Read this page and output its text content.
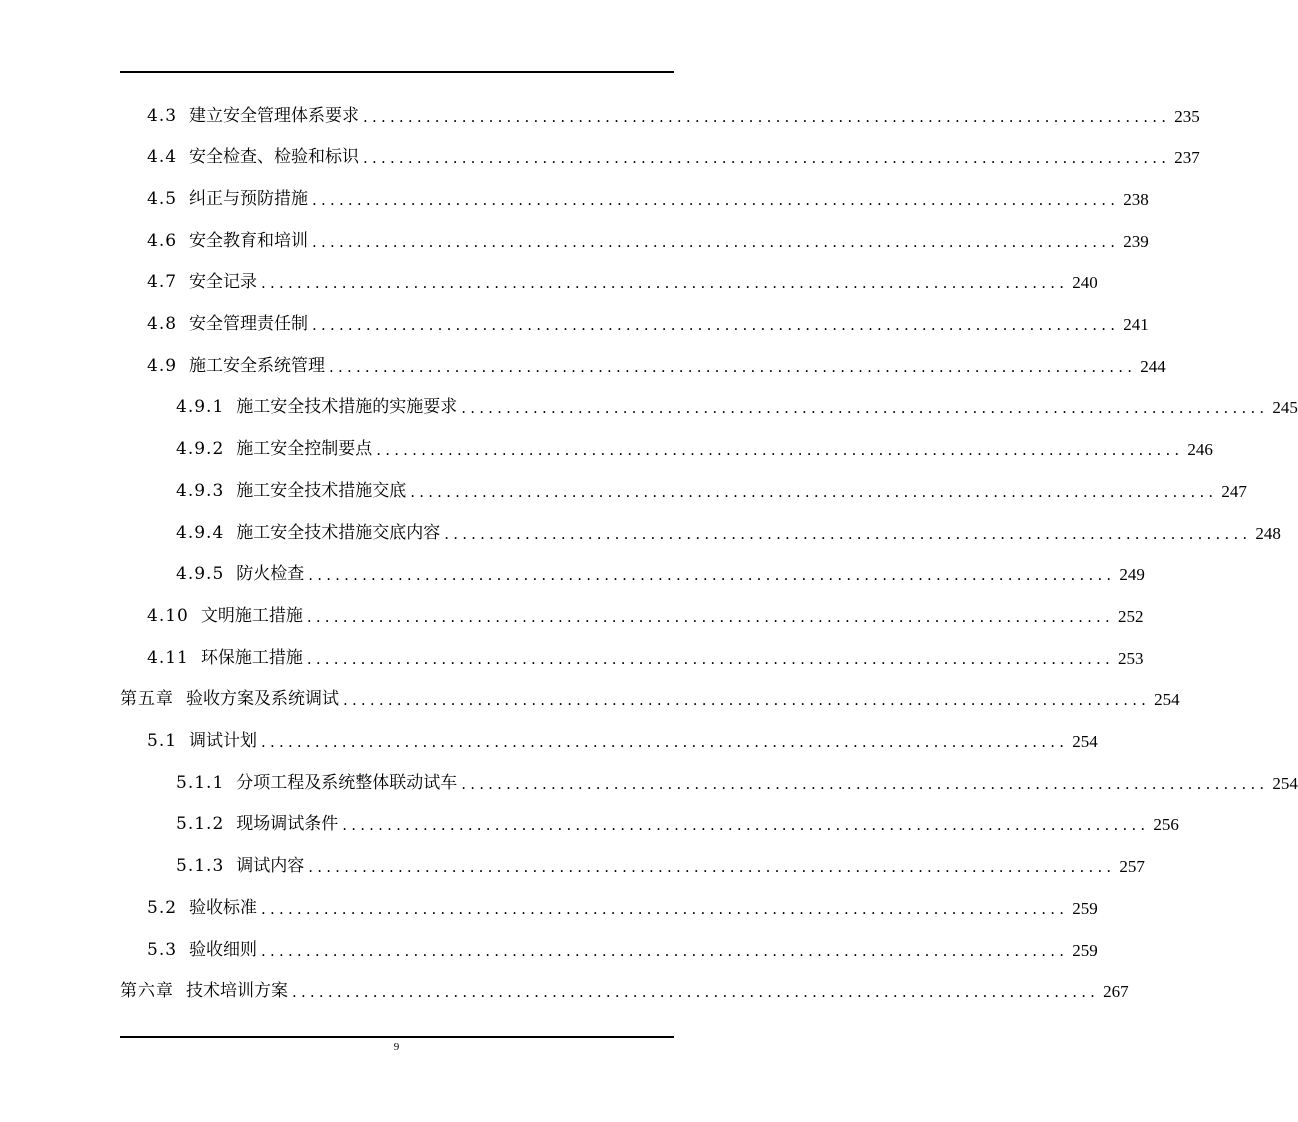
4.3 建立安全管理体系要求 .......................................................................................... 235
4.4 安全检查、检验和标识 .......................................................................................... 237
4.5 纠正与预防措施 .......................................................................................... 238
4.6 安全教育和培训 .......................................................................................... 239
4.7 安全记录 .......................................................................................... 240
4.8 安全管理责任制 .......................................................................................... 241
4.9 施工安全系统管理 .......................................................................................... 244
4.9.1 施工安全技术措施的实施要求 .......................................................................................... 245
4.9.2 施工安全控制要点 .......................................................................................... 246
4.9.3 施工安全技术措施交底 .......................................................................................... 247
4.9.4 施工安全技术措施交底内容 .......................................................................................... 248
4.9.5 防火检查 .......................................................................................... 249
4.10 文明施工措施 .......................................................................................... 252
4.11 环保施工措施 .......................................................................................... 253
第五章 验收方案及系统调试 .......................................................................................... 254
5.1 调试计划 .......................................................................................... 254
5.1.1 分项工程及系统整体联动试车 .......................................................................................... 254
5.1.2 现场调试条件 .......................................................................................... 256
5.1.3 调试内容 .......................................................................................... 257
5.2 验收标准 .......................................................................................... 259
5.3 验收细则 .......................................................................................... 259
第六章 技术培训方案 .......................................................................................... 267
9
